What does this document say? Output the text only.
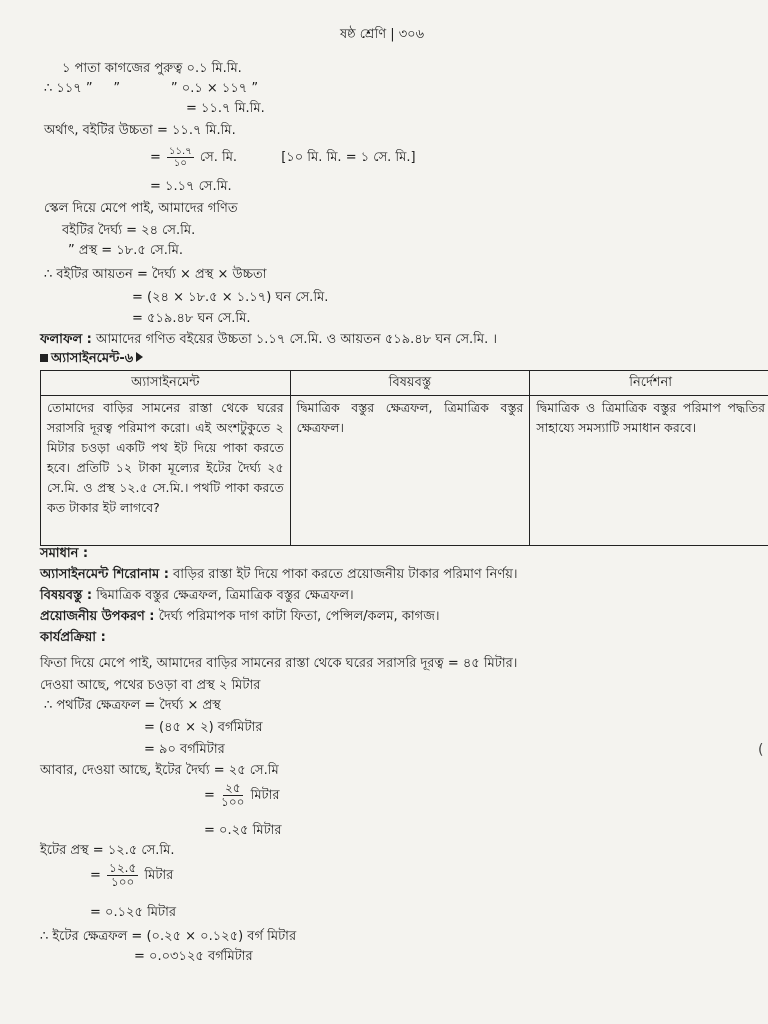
ষষ্ঠ শ্রেণি | ৩০৬
১ পাতা কাগজের পুরুত্ব ০.১ মি.মি.
∴ ১১৭ ” ”	” ০.১ × ১১৭ ”
= ১১.৭ মি.মি.
অর্থাৎ, বইটির উচ্চতা = ১১.৭ মি.মি.
= $\frac{১১.৭}{১০}$ সে. মি.	[১০ মি. মি. = ১ সে. মি.]
= ১.১৭ সে.মি.
স্কেল দিয়ে মেপে পাই, আমাদের গণিত
বইটির দৈর্ঘ্য = ২৪ সে.মি.
” প্রস্থ = ১৮.৫ সে.মি.
∴ বইটির আয়তন = দৈর্ঘ্য × প্রস্থ × উচ্চতা
= (২৪ × ১৮.৫ × ১.১৭) ঘন সে.মি.
= ৫১৯.৪৮ ঘন সে.মি.
ফলাফল : আমাদের গণিত বইয়ের উচ্চতা ১.১৭ সে.মি. ও আয়তন ৫১৯.৪৮ ঘন সে.মি. ।
অ্যাসাইনমেন্ট-৬
অ্যাসাইনমেন্ট	বিষয়বস্তু	নির্দেশনা
তোমাদের বাড়ির সামনের রাস্তা থেকে ঘরের সরাসরি দূরত্ব পরিমাপ করো। এই অংশটুকুতে ২ মিটার চওড়া একটি পথ ইট দিয়ে পাকা করতে হবে। প্রতিটি ১২ টাকা মূল্যের ইটের দৈর্ঘ্য ২৫ সে.মি. ও প্রস্থ ১২.৫ সে.মি.। পথটি পাকা করতে কত টাকার ইট লাগবে?	দ্বিমাত্রিক বস্তুর ক্ষেত্রফল, ত্রিমাত্রিক বস্তুর ক্ষেত্রফল।	দ্বিমাত্রিক ও ত্রিমাত্রিক বস্তুর পরিমাপ পদ্ধতির সাহায্যে সমস্যাটি সমাধান করবে।
সমাধান :
অ্যাসাইনমেন্ট শিরোনাম : বাড়ির রাস্তা ইট দিয়ে পাকা করতে প্রয়োজনীয় টাকার পরিমাণ নির্ণয়।
বিষয়বস্তু : দ্বিমাত্রিক বস্তুর ক্ষেত্রফল, ত্রিমাত্রিক বস্তুর ক্ষেত্রফল।
প্রয়োজনীয় উপকরণ : দৈর্ঘ্য পরিমাপক দাগ কাটা ফিতা, পেন্সিল/কলম, কাগজ।
কার্যপ্রক্রিয়া :
ফিতা দিয়ে মেপে পাই, আমাদের বাড়ির সামনের রাস্তা থেকে ঘরের সরাসরি দূরত্ব = ৪৫ মিটার।
দেওয়া আছে, পথের চওড়া বা প্রস্থ ২ মিটার
∴ পথটির ক্ষেত্রফল = দৈর্ঘ্য × প্রস্থ
= (৪৫ × ২) বর্গমিটার
= ৯০ বর্গমিটার
আবার, দেওয়া আছে, ইটের দৈর্ঘ্য = ২৫ সে.মি
= $\frac{২৫}{১০০}$ মিটার
= ০.২৫ মিটার
ইটের প্রস্থ = ১২.৫ সে.মি.
= $\frac{১২.৫}{১০০}$ মিটার
= ০.১২৫ মিটার
∴ ইটের ক্ষেত্রফল = (০.২৫ × ০.১২৫) বর্গ মিটার
= ০.০৩১২৫ বর্গমিটার
(
